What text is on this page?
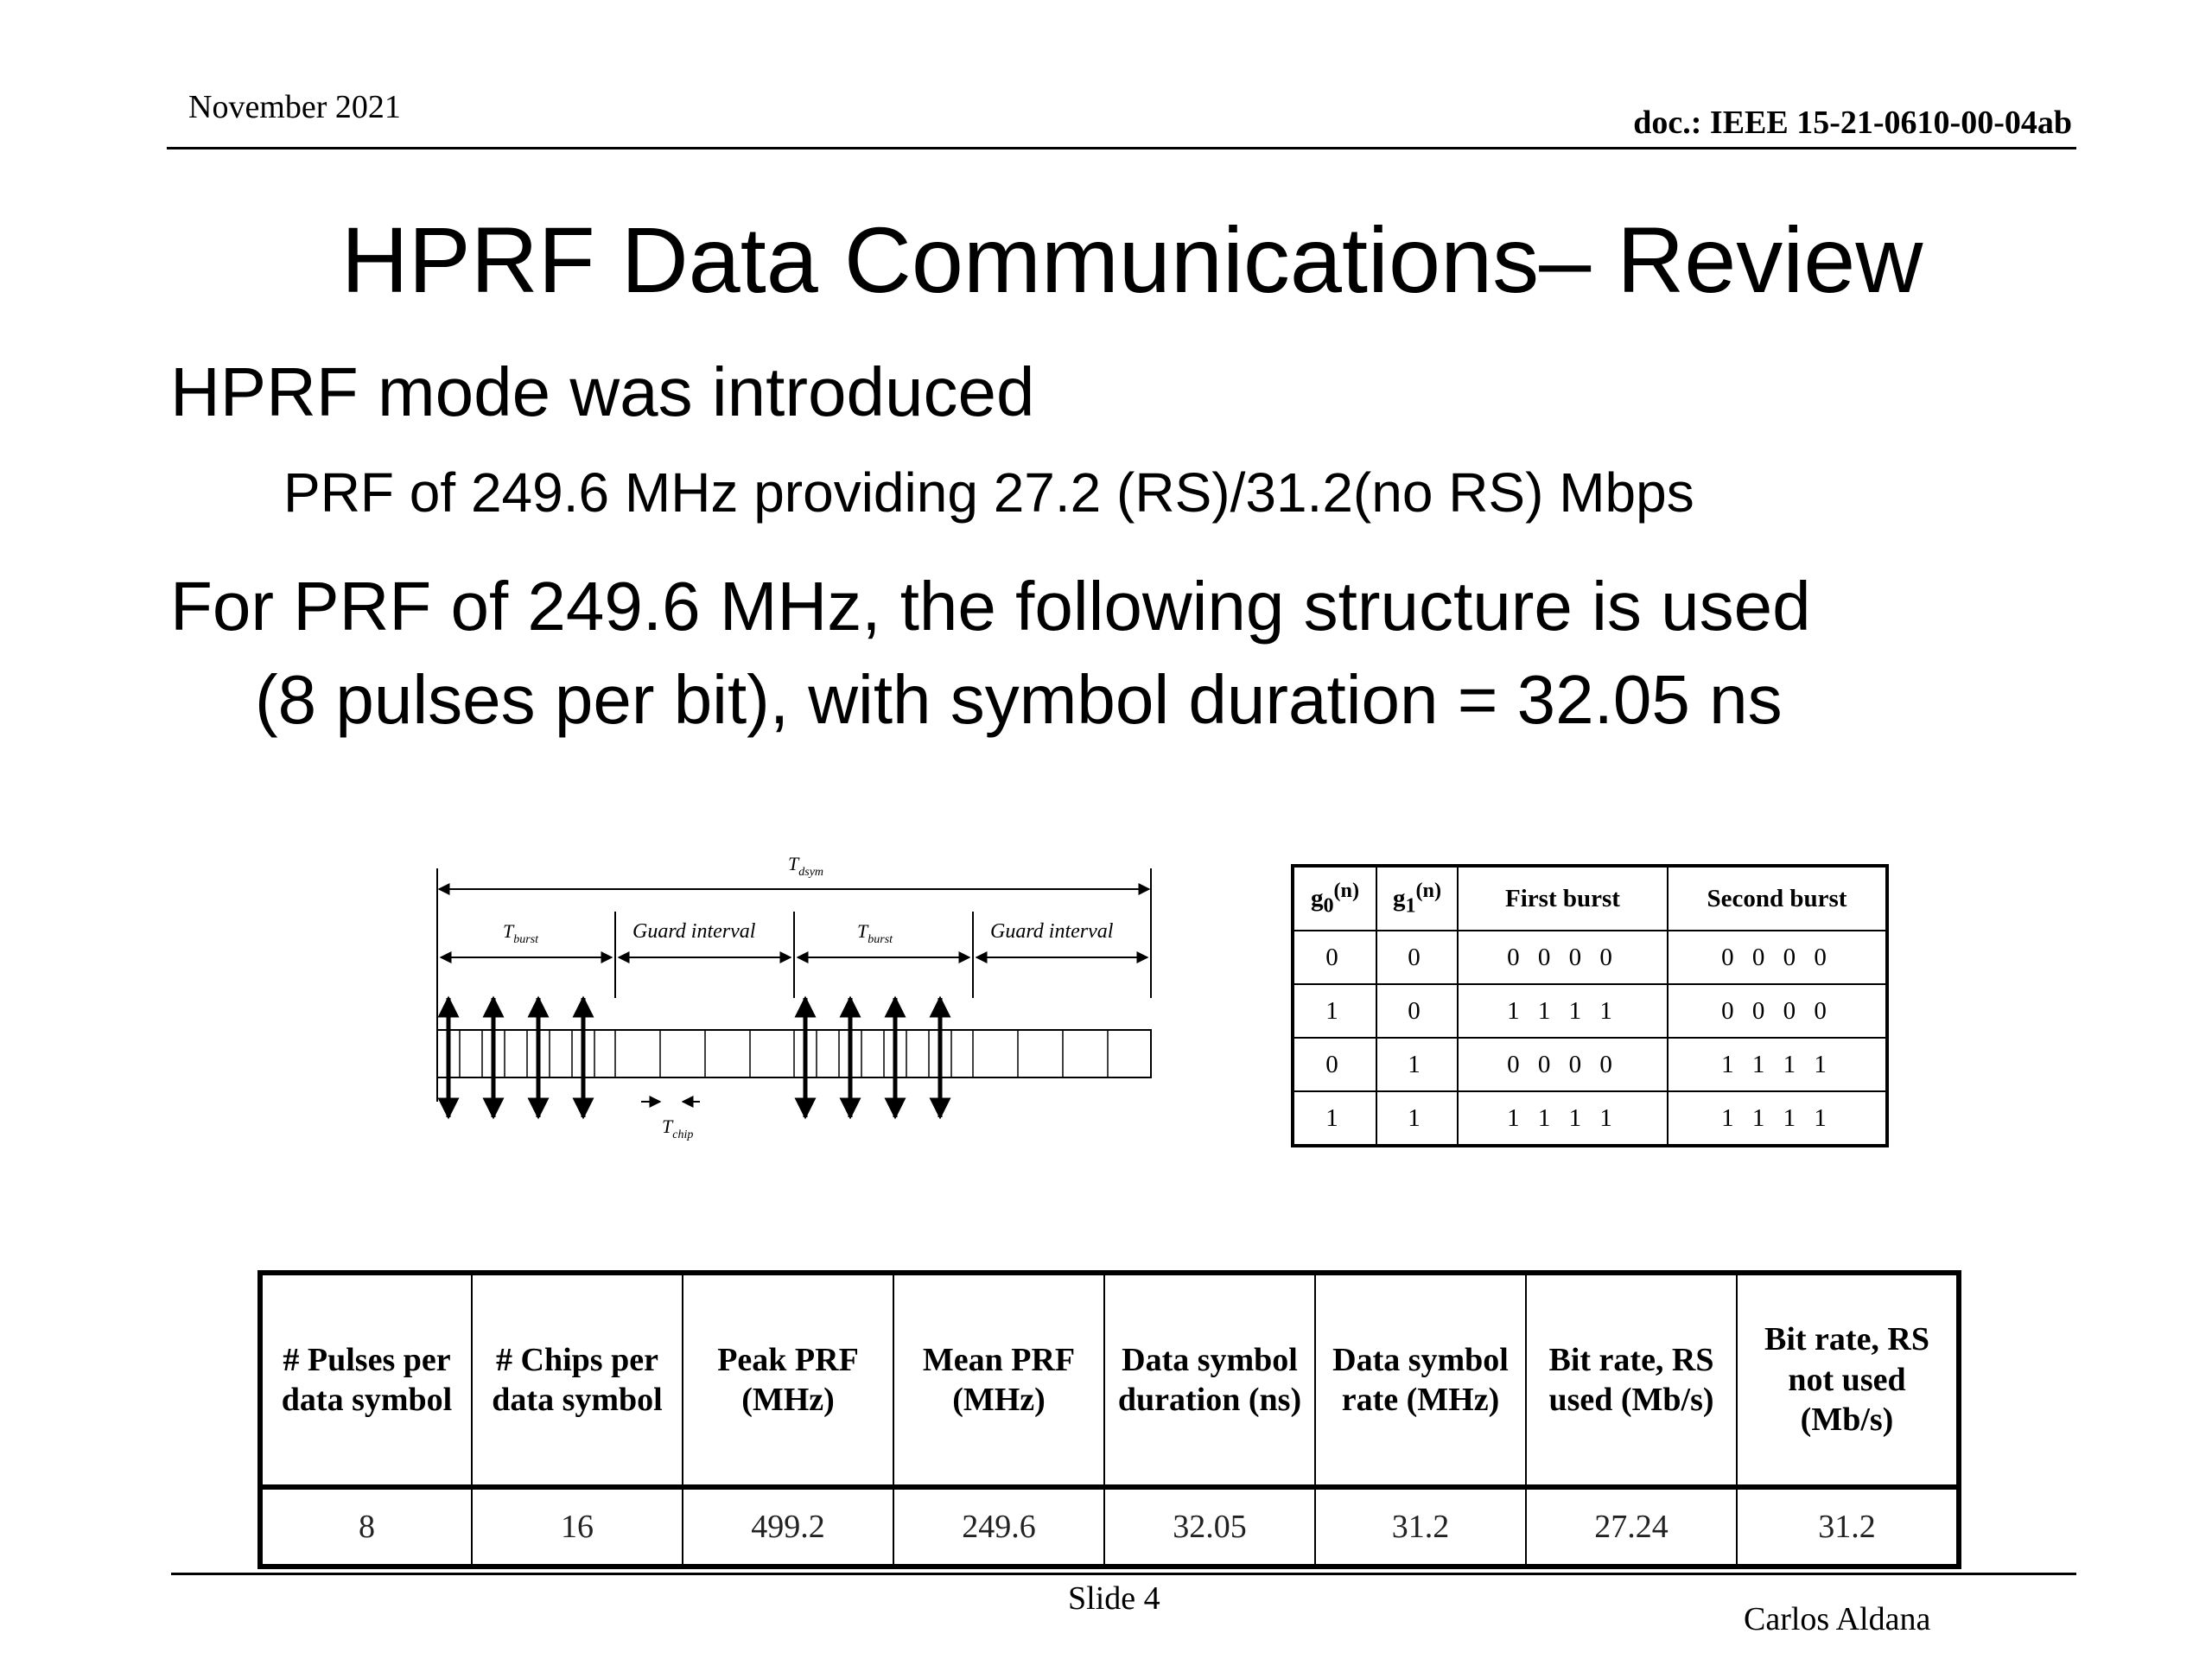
November 2021	doc.: IEEE 15-21-0610-00-04ab
HPRF Data Communications– Review
HPRF mode was introduced
PRF of 249.6 MHz providing 27.2 (RS)/31.2(no RS) Mbps
For PRF of 249.6 MHz, the following structure is used
(8 pulses per bit), with symbol duration = 32.05 ns
$T_{dsym}$
$T_{burst}$	Guard interval	$T_{burst}$	Guard interval
$T_{chip}$
$g_0^{(n)}$	$g_1^{(n)}$	First burst	Second burst
0	0	0 0 0 0	0 0 0 0
1	0	1 1 1 1	0 0 0 0
0	1	0 0 0 0	1 1 1 1
1	1	1 1 1 1	1 1 1 1
# Pulses per data symbol	# Chips per data symbol	Peak PRF (MHz)	Mean PRF (MHz)	Data symbol duration (ns)	Data symbol rate (MHz)	Bit rate, RS used (Mb/s)	Bit rate, RS not used (Mb/s)
8	16	499.2	249.6	32.05	31.2	27.24	31.2
Slide 4
Carlos Aldana
